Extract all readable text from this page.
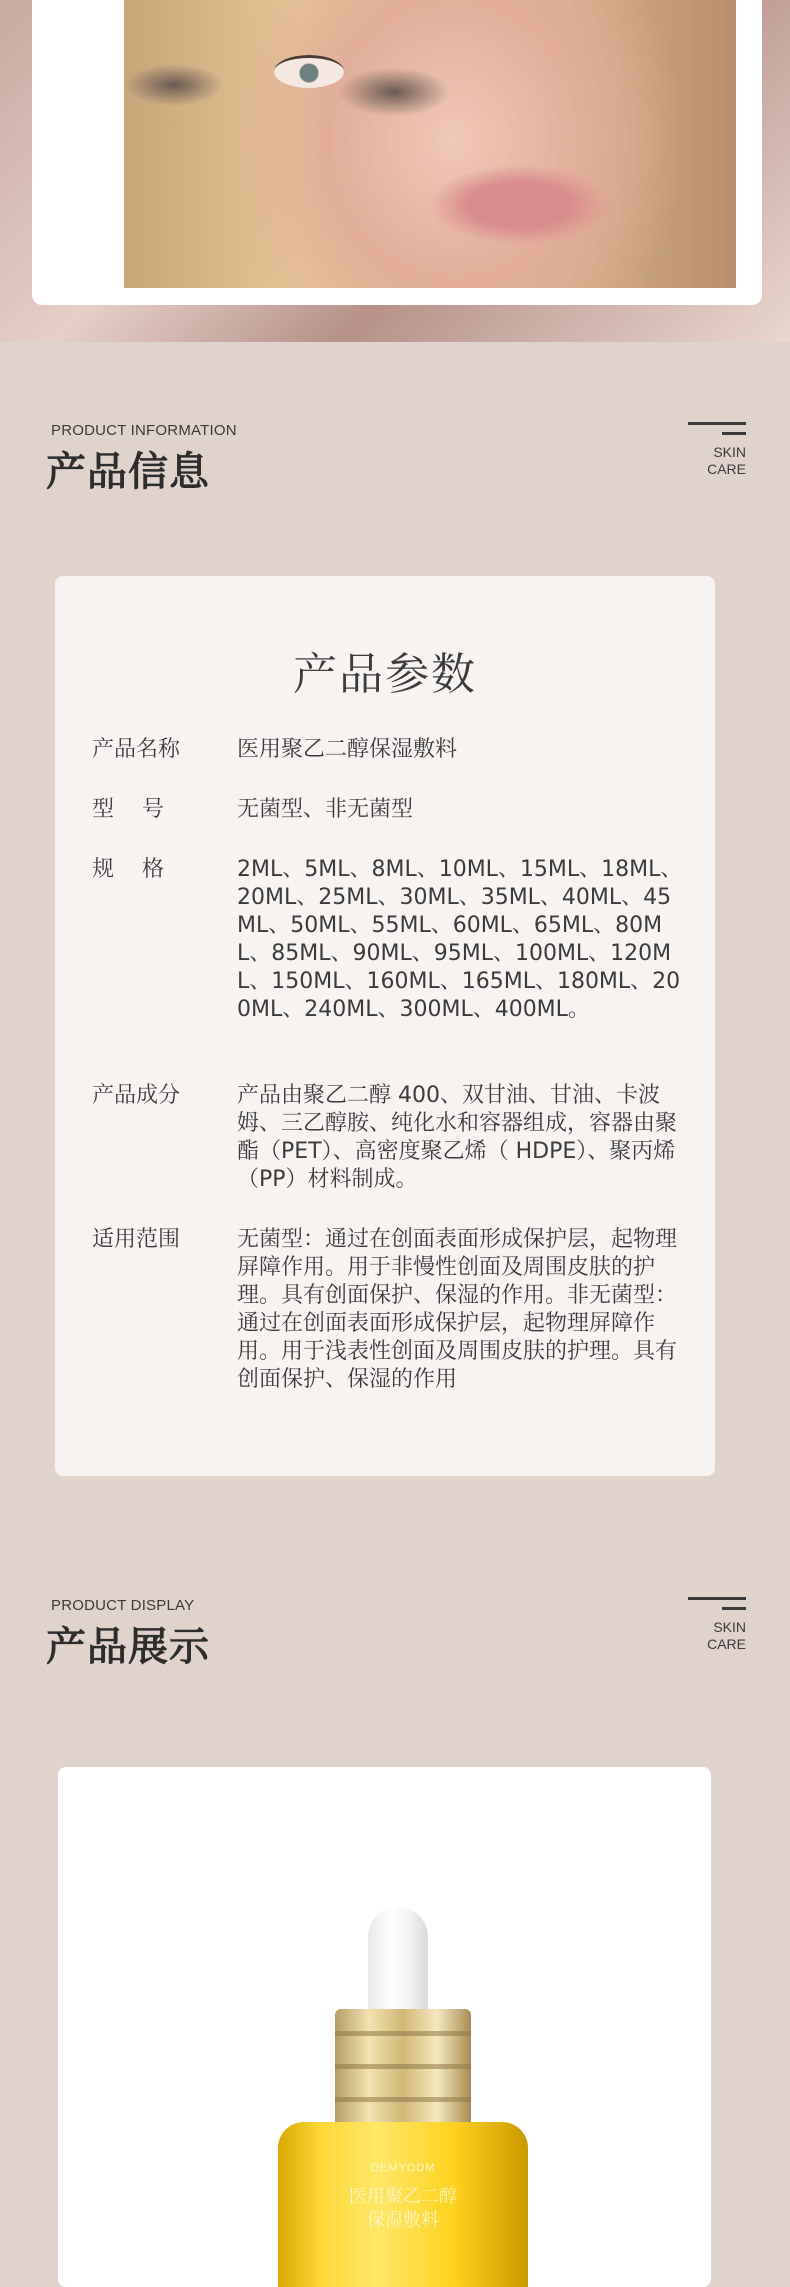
PRODUCT INFORMATION
产品信息	SKIN
CARE
产品参数
产品名称	医用聚乙二醇保湿敷料
型号	无菌型、非无菌型
规格	2ML、5ML、8ML、10ML、15ML、18ML、20ML、25ML、30ML、35ML、40ML、45ML、50ML、55ML、60ML、65ML、80ML、85ML、90ML、95ML、100ML、120ML、150ML、160ML、165ML、180ML、200ML、240ML、300ML、400ML。
产品成分	产品由聚乙二醇 400、双甘油、甘油、卡波姆、三乙醇胺、纯化水和容器组成，容器由聚酯（PET）、高密度聚乙烯（ HDPE）、聚丙烯（PP）材料制成。
适用范围	无菌型：通过在创面表面形成保护层，起物理屏障作用。用于非慢性创面及周围皮肤的护理。具有创面保护、保湿的作用。非无菌型：通过在创面表面形成保护层，起物理屏障作用。用于浅表性创面及周围皮肤的护理。具有创面保护、保湿的作用
PRODUCT DISPLAY
产品展示	SKIN
CARE
OEMYODM
医用聚乙二醇
保湿敷料
